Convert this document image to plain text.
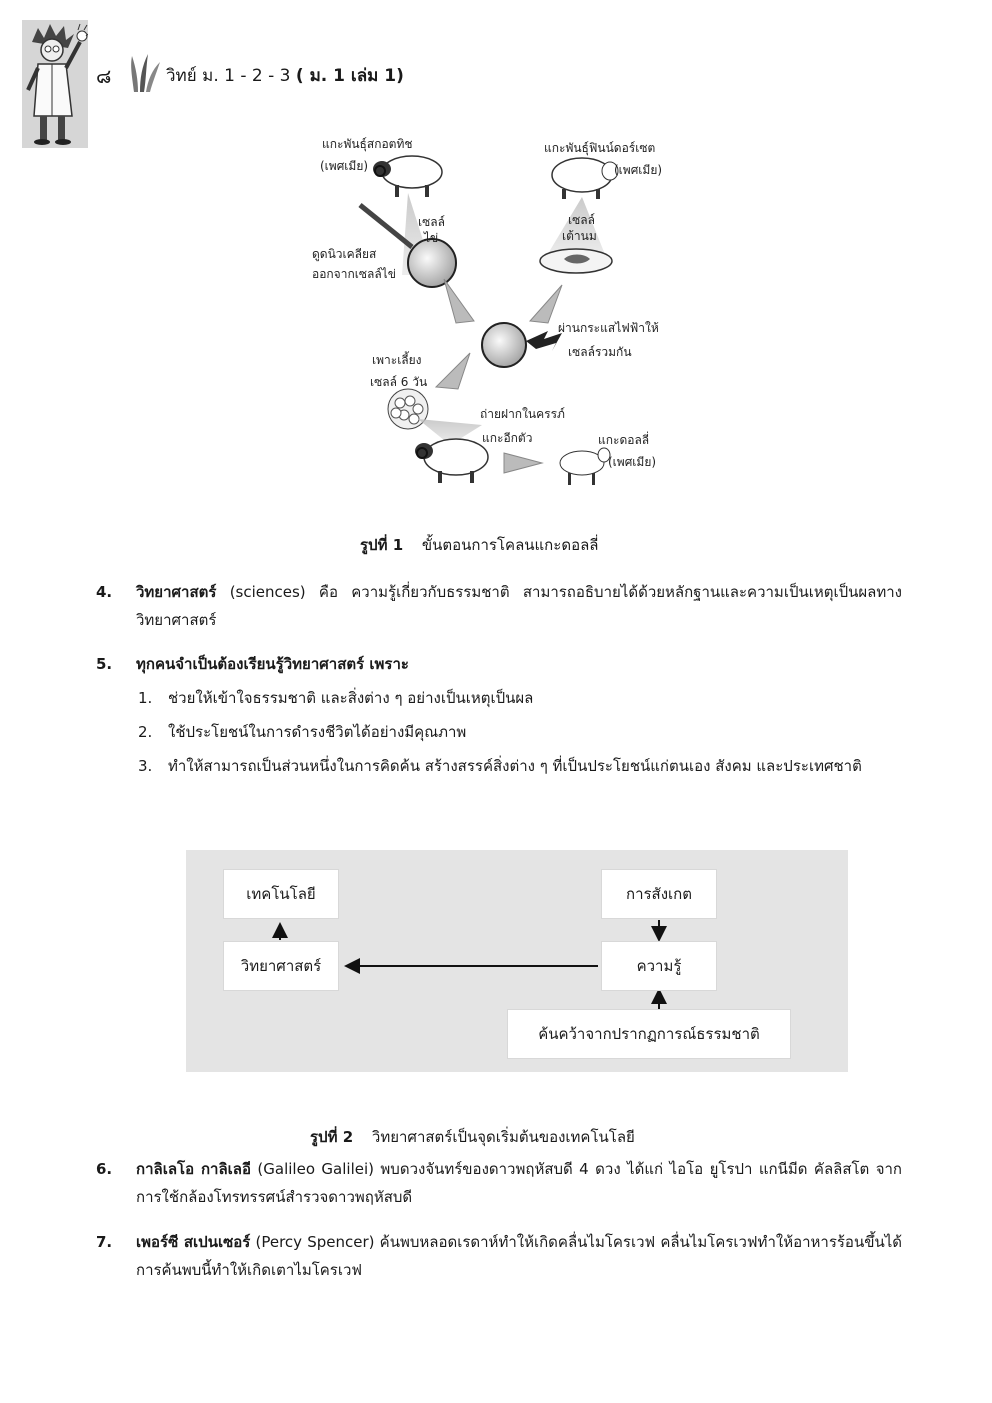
๘	วิทย์ ม. 1 - 2 - 3 ( ม. 1 เล่ม 1)
แกะพันธุ์สกอตทิช
(เพศเมีย)
แกะพันธุ์ฟินน์ดอร์เซต
(เพศเมีย)
เซลล์
ไข่
เซลล์
เต้านม
ดูดนิวเคลียส
ออกจากเซลล์ไข่
ผ่านกระแสไฟฟ้าให้
เซลล์รวมกัน
เพาะเลี้ยง
เซลล์ 6 วัน
ถ่ายฝากในครรภ์
แกะอีกตัว	แกะดอลลี่
(เพศเมีย)
รูปที่ 1 ขั้นตอนการโคลนแกะดอลลี่
4. วิทยาศาสตร์ (sciences) คือ ความรู้เกี่ยวกับธรรมชาติ สามารถอธิบายได้ด้วยหลักฐานและความเป็นเหตุเป็นผลทางวิทยาศาสตร์
5. ทุกคนจำเป็นต้องเรียนรู้วิทยาศาสตร์ เพราะ
1. ช่วยให้เข้าใจธรรมชาติ และสิ่งต่าง ๆ อย่างเป็นเหตุเป็นผล
2. ใช้ประโยชน์ในการดำรงชีวิตได้อย่างมีคุณภาพ
3. ทำให้สามารถเป็นส่วนหนึ่งในการคิดค้น สร้างสรรค์สิ่งต่าง ๆ ที่เป็นประโยชน์แก่ตนเอง สังคม และประเทศชาติ
เทคโนโลยี
วิทยาศาสตร์
การสังเกต
ความรู้
ค้นคว้าจากปรากฏการณ์ธรรมชาติ
รูปที่ 2 วิทยาศาสตร์เป็นจุดเริ่มต้นของเทคโนโลยี
6. กาลิเลโอ กาลิเลอี (Galileo Galilei) พบดวงจันทร์ของดาวพฤหัสบดี 4 ดวง ได้แก่ ไอโอ ยูโรปา แกนีมีด คัลลิสโต จากการใช้กล้องโทรทรรศน์สำรวจดาวพฤหัสบดี
7. เพอร์ซี สเปนเซอร์ (Percy Spencer) ค้นพบหลอดเรดาห์ทำให้เกิดคลื่นไมโครเวฟ คลื่นไมโครเวฟทำให้อาหารร้อนขึ้นได้ การค้นพบนี้ทำให้เกิดเตาไมโครเวฟ
